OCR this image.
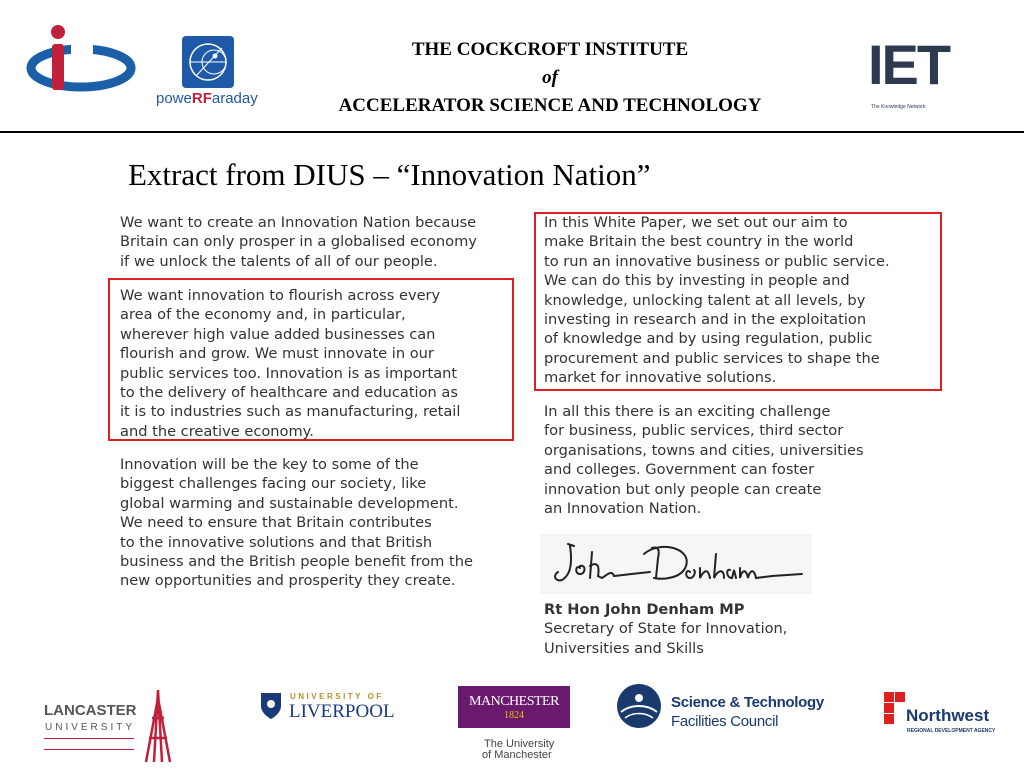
poweRFaraday
THE COCKCROFT INSTITUTE
of
ACCELERATOR SCIENCE AND TECHNOLOGY
IET
The Knowledge Network
Extract from DIUS – “Innovation Nation”
We want to create an Innovation Nation because
Britain can only prosper in a globalised economy
if we unlock the talents of all of our people.
We want innovation to flourish across every
area of the economy and, in particular,
wherever high value added businesses can
flourish and grow. We must innovate in our
public services too. Innovation is as important
to the delivery of healthcare and education as
it is to industries such as manufacturing, retail
and the creative economy.
Innovation will be the key to some of the
biggest challenges facing our society, like
global warming and sustainable development.
We need to ensure that Britain contributes
to the innovative solutions and that British
business and the British people benefit from the
new opportunities and prosperity they create.
In this White Paper, we set out our aim to
make Britain the best country in the world
to run an innovative business or public service.
We can do this by investing in people and
knowledge, unlocking talent at all levels, by
investing in research and in the exploitation
of knowledge and by using regulation, public
procurement and public services to shape the
market for innovative solutions.
In all this there is an exciting challenge
for business, public services, third sector
organisations, towns and cities, universities
and colleges. Government can foster
innovation but only people can create
an Innovation Nation.
Rt Hon John Denham MP
Secretary of State for Innovation,
Universities and Skills
LANCASTER
UNIVERSITY
UNIVERSITY OF
LIVERPOOL	MANCHESTER
1824
The University
of Manchester
Science & Technology
Facilities Council	Northwest
REGIONAL DEVELOPMENT AGENCY
